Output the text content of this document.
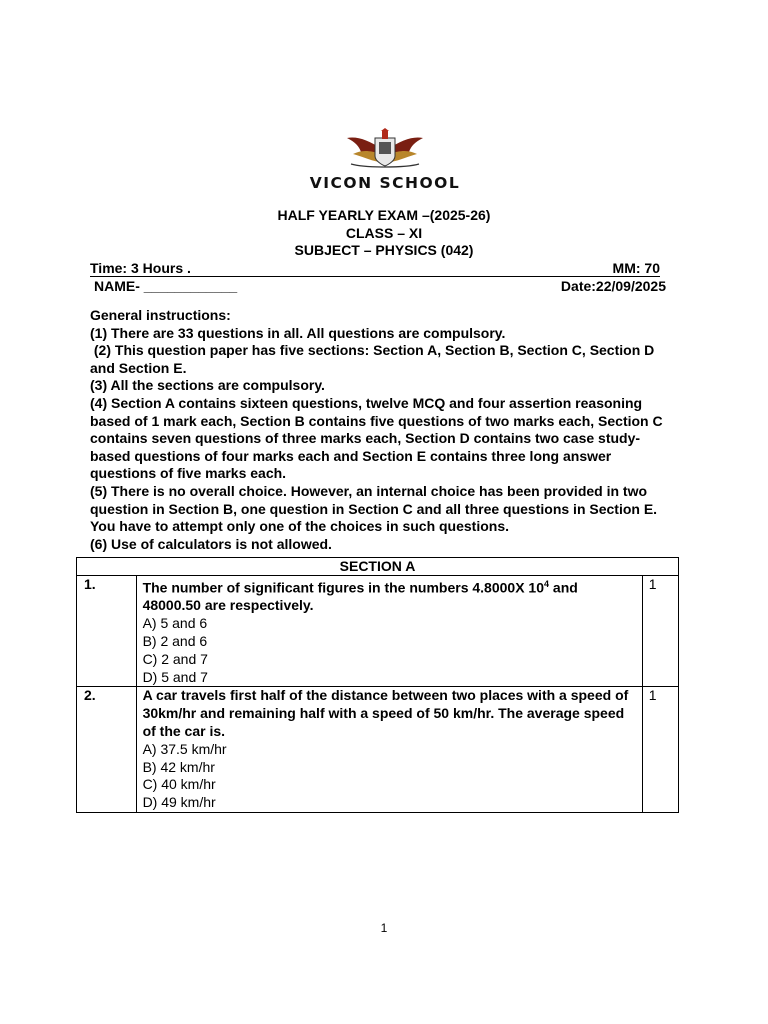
VICON SCHOOL
HALF YEARLY EXAM –(2025-26)
CLASS – XI
SUBJECT – PHYSICS (042)
Time: 3 Hours .	MM: 70
NAME- ____________	Date:22/09/2025

General instructions:

(1) There are 33 questions in all. All questions are compulsory.

(2) This question paper has five sections: Section A, Section B, Section C, Section D and Section E.

(3) All the sections are compulsory.

(4) Section A contains sixteen questions, twelve MCQ and four assertion reasoning based of 1 mark each, Section B contains five questions of two marks each, Section C contains seven questions of three marks each, Section D contains two case study-based questions of four marks each and Section E contains three long answer questions of five marks each.

(5) There is no overall choice. However, an internal choice has been provided in two question in Section B, one question in Section C and all three questions in Section E. You have to attempt only one of the choices in such questions.

(6) Use of calculators is not allowed.

SECTION A		
1.	The number of significant figures in the numbers 4.8000X $10^4$ and 48000.50 are respectively.
A) 5 and 6
B) 2 and 6
C) 2 and 7
D) 5 and 7	1
2.	A car travels first half of the distance between two places with a speed of 30km/hr and remaining half with a speed of 50 km/hr. The average speed of the car is.
A) 37.5 km/hr
B) 42 km/hr
C) 40 km/hr
D) 49 km/hr	1
1
